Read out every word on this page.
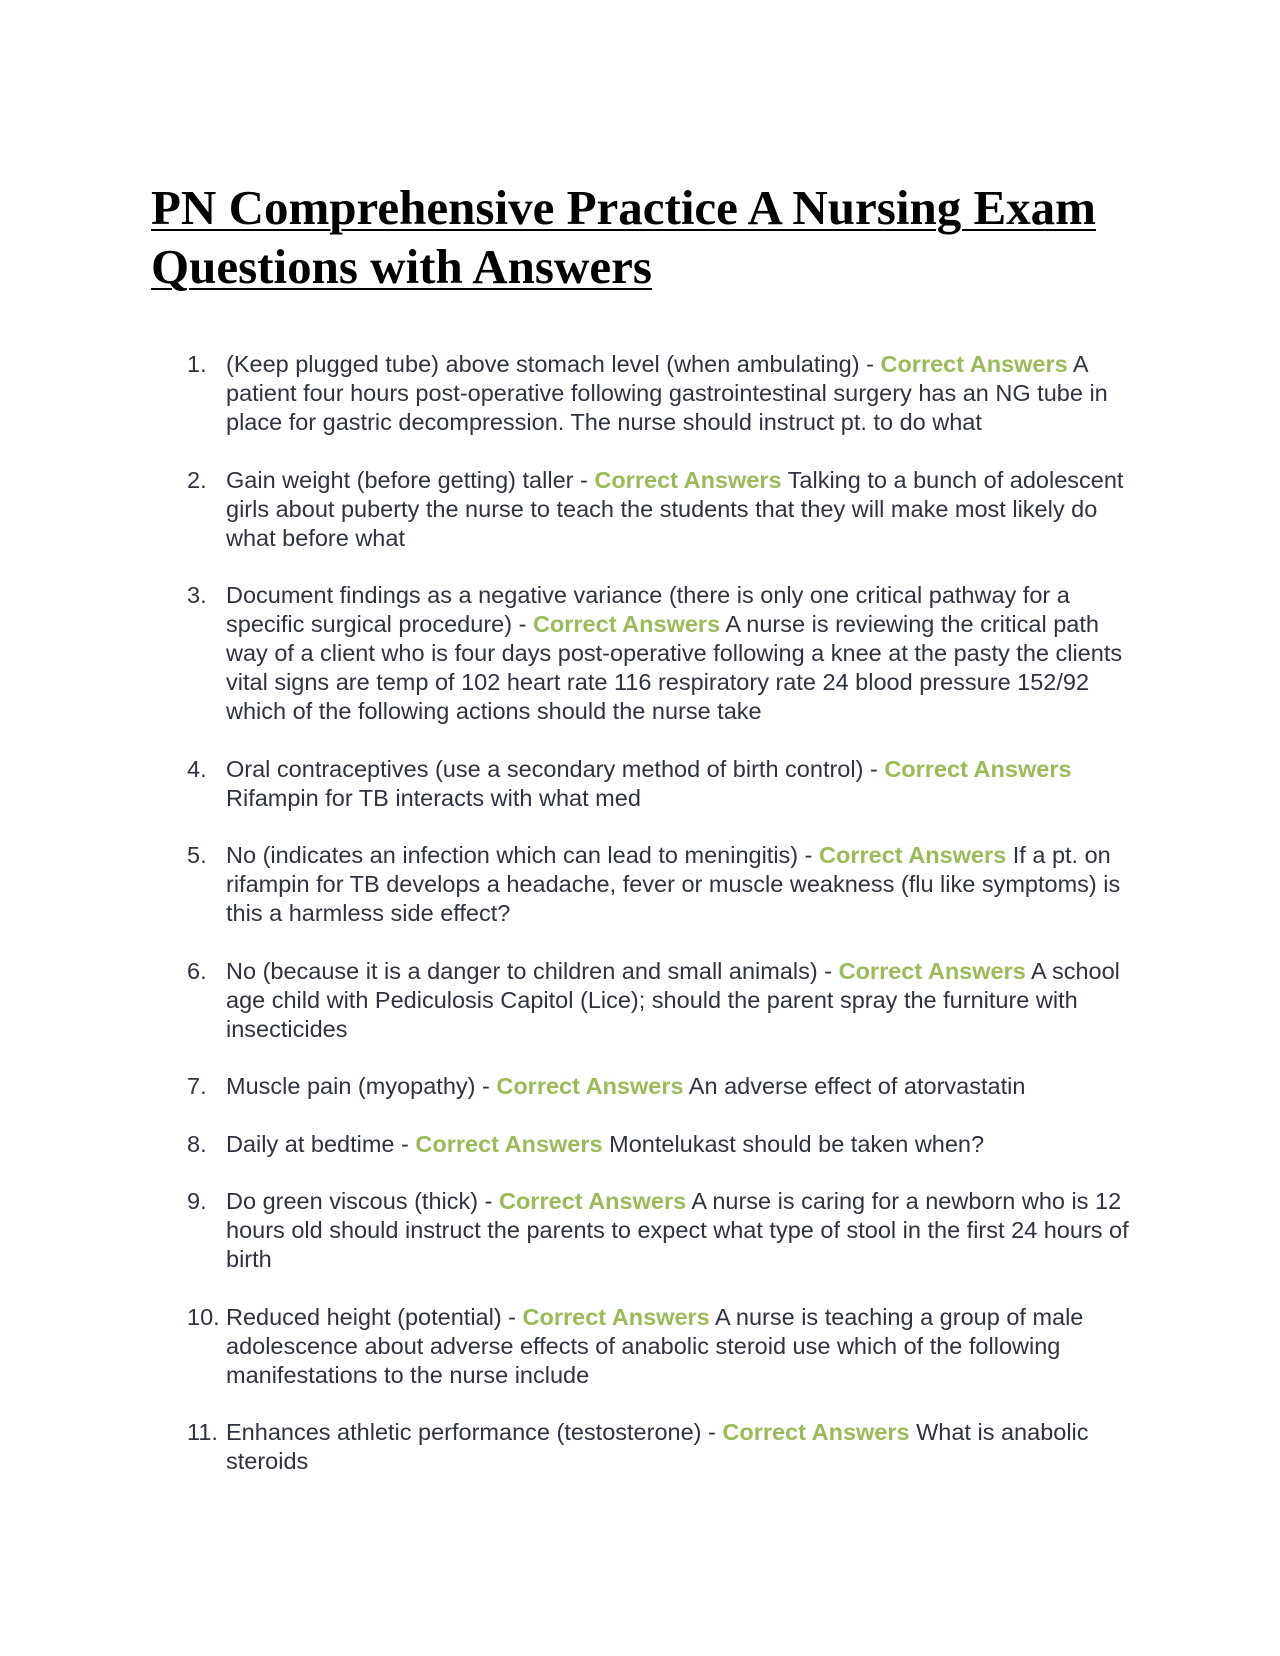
PN Comprehensive Practice A Nursing Exam Questions with Answers
1. (Keep plugged tube) above stomach level (when ambulating) - Correct Answers A patient four hours post-operative following gastrointestinal surgery has an NG tube in place for gastric decompression. The nurse should instruct pt. to do what
2. Gain weight (before getting) taller - Correct Answers Talking to a bunch of adolescent girls about puberty the nurse to teach the students that they will make most likely do what before what
3. Document findings as a negative variance (there is only one critical pathway for a specific surgical procedure) - Correct Answers A nurse is reviewing the critical path way of a client who is four days post-operative following a knee at the pasty the clients vital signs are temp of 102 heart rate 116 respiratory rate 24 blood pressure 152/92 which of the following actions should the nurse take
4. Oral contraceptives (use a secondary method of birth control) - Correct Answers Rifampin for TB interacts with what med
5. No (indicates an infection which can lead to meningitis) - Correct Answers If a pt. on rifampin for TB develops a headache, fever or muscle weakness (flu like symptoms) is this a harmless side effect?
6. No (because it is a danger to children and small animals) - Correct Answers A school age child with Pediculosis Capitol (Lice); should the parent spray the furniture with insecticides
7. Muscle pain (myopathy) - Correct Answers An adverse effect of atorvastatin
8. Daily at bedtime - Correct Answers Montelukast should be taken when?
9. Do green viscous (thick) - Correct Answers A nurse is caring for a newborn who is 12 hours old should instruct the parents to expect what type of stool in the first 24 hours of birth
10. Reduced height (potential) - Correct Answers A nurse is teaching a group of male adolescence about adverse effects of anabolic steroid use which of the following manifestations to the nurse include
11. Enhances athletic performance (testosterone) - Correct Answers What is anabolic steroids
